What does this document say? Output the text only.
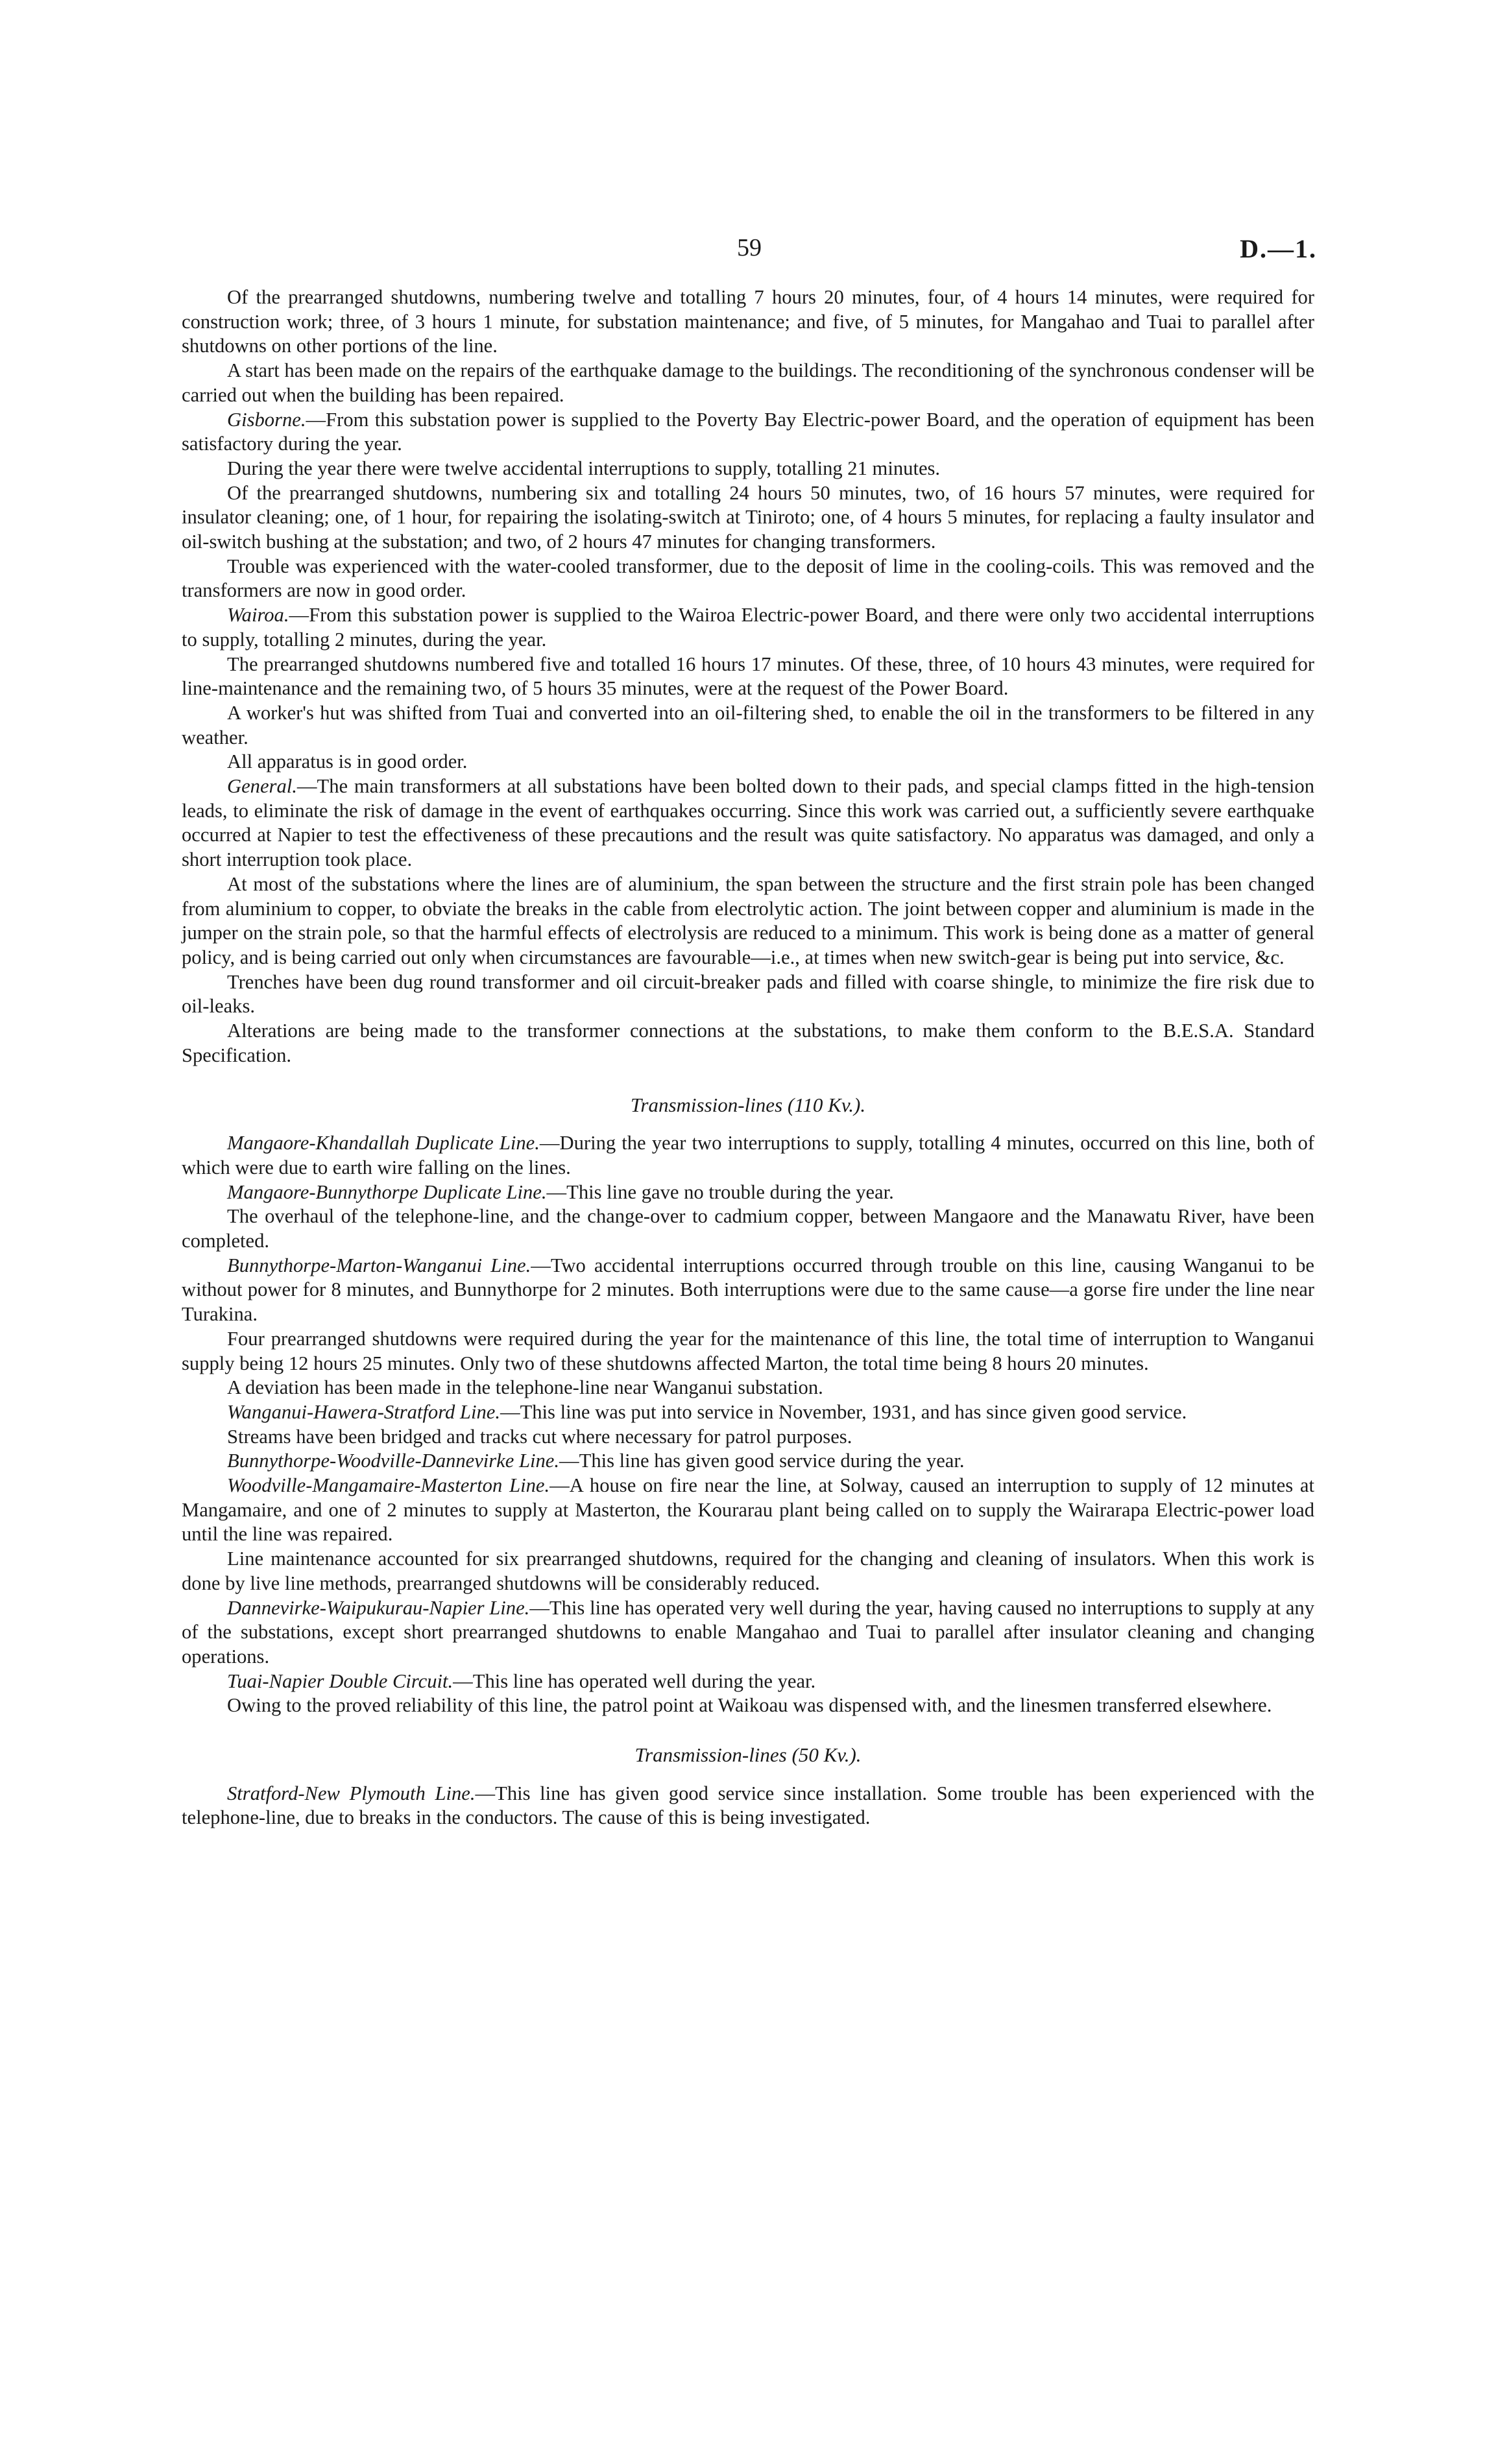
59	D.—1.

Of the prearranged shutdowns, numbering twelve and totalling 7 hours 20 minutes, four, of 4 hours 14 minutes, were required for construction work; three, of 3 hours 1 minute, for substation maintenance; and five, of 5 minutes, for Mangahao and Tuai to parallel after shutdowns on other portions of the line.

A start has been made on the repairs of the earthquake damage to the buildings. The reconditioning of the synchronous condenser will be carried out when the building has been repaired.

Gisborne.—From this substation power is supplied to the Poverty Bay Electric-power Board, and the operation of equipment has been satisfactory during the year.

During the year there were twelve accidental interruptions to supply, totalling 21 minutes.

Of the prearranged shutdowns, numbering six and totalling 24 hours 50 minutes, two, of 16 hours 57 minutes, were required for insulator cleaning; one, of 1 hour, for repairing the isolating-switch at Tiniroto; one, of 4 hours 5 minutes, for replacing a faulty insulator and oil-switch bushing at the substation; and two, of 2 hours 47 minutes for changing transformers.

Trouble was experienced with the water-cooled transformer, due to the deposit of lime in the cooling-coils. This was removed and the transformers are now in good order.

Wairoa.—From this substation power is supplied to the Wairoa Electric-power Board, and there were only two accidental interruptions to supply, totalling 2 minutes, during the year.

The prearranged shutdowns numbered five and totalled 16 hours 17 minutes. Of these, three, of 10 hours 43 minutes, were required for line-maintenance and the remaining two, of 5 hours 35 minutes, were at the request of the Power Board.

A worker's hut was shifted from Tuai and converted into an oil-filtering shed, to enable the oil in the transformers to be filtered in any weather.

All apparatus is in good order.

General.—The main transformers at all substations have been bolted down to their pads, and special clamps fitted in the high-tension leads, to eliminate the risk of damage in the event of earthquakes occurring. Since this work was carried out, a sufficiently severe earthquake occurred at Napier to test the effectiveness of these precautions and the result was quite satisfactory. No apparatus was damaged, and only a short interruption took place.

At most of the substations where the lines are of aluminium, the span between the structure and the first strain pole has been changed from aluminium to copper, to obviate the breaks in the cable from electrolytic action. The joint between copper and aluminium is made in the jumper on the strain pole, so that the harmful effects of electrolysis are reduced to a minimum. This work is being done as a matter of general policy, and is being carried out only when circumstances are favourable—i.e., at times when new switch-gear is being put into service, &c.

Trenches have been dug round transformer and oil circuit-breaker pads and filled with coarse shingle, to minimize the fire risk due to oil-leaks.

Alterations are being made to the transformer connections at the substations, to make them conform to the B.E.S.A. Standard Specification.

Transmission-lines (110 Kv.).

Mangaore-Khandallah Duplicate Line.—During the year two interruptions to supply, totalling 4 minutes, occurred on this line, both of which were due to earth wire falling on the lines.

Mangaore-Bunnythorpe Duplicate Line.—This line gave no trouble during the year.

The overhaul of the telephone-line, and the change-over to cadmium copper, between Mangaore and the Manawatu River, have been completed.

Bunnythorpe-Marton-Wanganui Line.—Two accidental interruptions occurred through trouble on this line, causing Wanganui to be without power for 8 minutes, and Bunnythorpe for 2 minutes. Both interruptions were due to the same cause—a gorse fire under the line near Turakina.

Four prearranged shutdowns were required during the year for the maintenance of this line, the total time of interruption to Wanganui supply being 12 hours 25 minutes. Only two of these shutdowns affected Marton, the total time being 8 hours 20 minutes.

A deviation has been made in the telephone-line near Wanganui substation.

Wanganui-Hawera-Stratford Line.—This line was put into service in November, 1931, and has since given good service.

Streams have been bridged and tracks cut where necessary for patrol purposes.

Bunnythorpe-Woodville-Dannevirke Line.—This line has given good service during the year.

Woodville-Mangamaire-Masterton Line.—A house on fire near the line, at Solway, caused an interruption to supply of 12 minutes at Mangamaire, and one of 2 minutes to supply at Masterton, the Kourarau plant being called on to supply the Wairarapa Electric-power load until the line was repaired.

Line maintenance accounted for six prearranged shutdowns, required for the changing and cleaning of insulators. When this work is done by live line methods, prearranged shutdowns will be considerably reduced.

Dannevirke-Waipukurau-Napier Line.—This line has operated very well during the year, having caused no interruptions to supply at any of the substations, except short prearranged shutdowns to enable Mangahao and Tuai to parallel after insulator cleaning and changing operations.

Tuai-Napier Double Circuit.—This line has operated well during the year.

Owing to the proved reliability of this line, the patrol point at Waikoau was dispensed with, and the linesmen transferred elsewhere.

Transmission-lines (50 Kv.).

Stratford-New Plymouth Line.—This line has given good service since installation. Some trouble has been experienced with the telephone-line, due to breaks in the conductors. The cause of this is being investigated.
